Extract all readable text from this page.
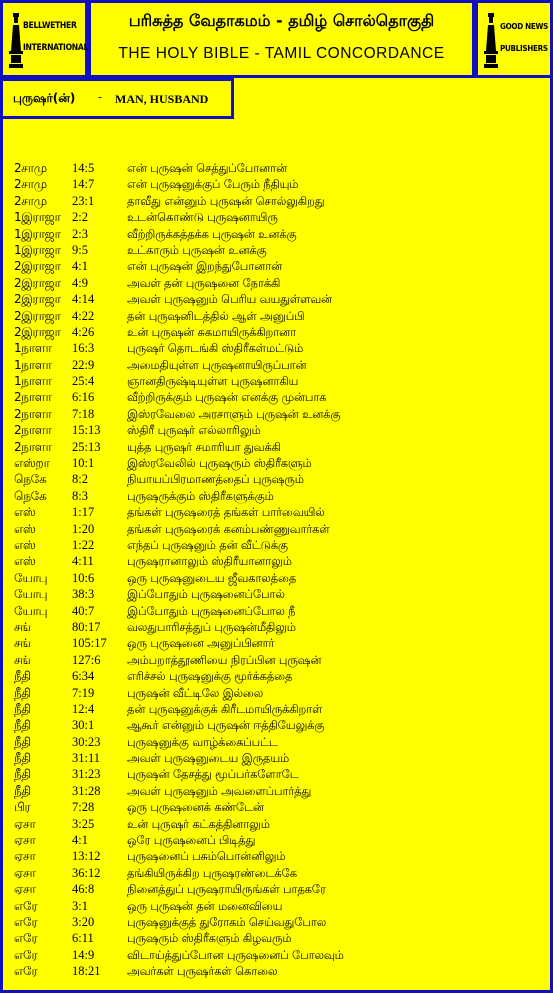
BELLWETHER
INTERNATIONAL
பரிசுத்த வேதாகமம் - தமிழ் சொல்தொகுதி
THE HOLY BIBLE - TAMIL CONCORDANCE
GOOD NEWS
PUBLISHERS
புருஷர்(ன்) - MAN, HUSBAND
2சாமு 14:5	என் புருஷன் செத்துப்போனான்
2சாமு 14:7	என் புருஷனுக்குப் பேரும் நீதியும்
2சாமு 23:1	தாவீது என்னும் புருஷன் சொல்லுகிறது
1இராஜா 2:2	உடன்கொண்டு புருஷனாயிரு
1இராஜா 2:3	வீற்றிருக்கத்தக்க புருஷன் உனக்கு
1இராஜா 9:5	உட்காரும் புருஷன் உனக்கு
2இராஜா 4:1	என் புருஷன் இறந்துபோனான்
2இராஜா 4:9	அவள் தன் புருஷனை நோக்கி
2இராஜா 4:14	அவள் புருஷனும் பெரிய வயதுள்ளவன்
2இராஜா 4:22	தன் புருஷனிடத்தில் ஆள் அனுப்பி
2இராஜா 4:26	உன் புருஷன் சுகமாயிருக்கிறானா
1நாளா 16:3	புருஷர் தொடங்கி ஸ்திரீகள்மட்டும்
1நாளா 22:9	அமைதியுள்ள புருஷனாயிருப்பான்
1நாளா 25:4	ஞானதிருஷ்டியுள்ள புருஷனாகிய
2நாளா 6:16	வீற்றிருக்கும் புருஷன் எனக்கு முன்பாக
2நாளா 7:18	இஸ்ரவேலை அரசாளும் புருஷன் உனக்கு
2நாளா 15:13 ஸ்திரீ புருஷர் எல்லாரிலும்
2நாளா 25:13 யுத்த புருஷர் சமாரியா துவக்கி
எஸ்றா 10:1	இஸ்ரவேலில் புருஷரும் ஸ்திரீகளும்
நெகே 8:2	நியாயப்பிரமாணத்தைப் புருஷரும்
நெகே 8:3	புருஷருக்கும் ஸ்திரீகளுக்கும்
எஸ்	1:17	தங்கள் புருஷரைத் தங்கள் பார்வையில்
எஸ்	1:20	தங்கள் புருஷரைக் கனம்பண்ணுவார்கள்
எஸ்	1:22	எந்தப் புருஷனும் தன் வீட்டுக்கு
எஸ்	4:11	புருஷரானாலும் ஸ்திரீயானாலும்
யோபு 10:6	ஒரு புருஷனுடைய ஜீவகாலத்தை
யோபு 38:3	இப்போதும் புருஷனைப்போல்
யோபு 40:7	இப்போதும் புருஷனைப்போல நீ
சங்	80:17 வலதுபாரிசத்துப் புருஷன்மீதிலும்
சங்	105:17 ஒரு புருஷனை அனுப்பினார்
சங்	127:6 அம்பறாத்தூணியை நிரப்பின புருஷன்
நீதி	6:34	எரிச்சல் புருஷனுக்கு மூர்க்கத்தை
நீதி	7:19	புருஷன் வீட்டிலே இல்லை
நீதி	12:4	தன் புருஷனுக்குக் கிரீடமாயிருக்கிறாள்
நீதி	30:1	ஆகூர் என்னும் புருஷன் ஈத்தியேலுக்கு
நீதி	30:23 புருஷனுக்கு வாழ்க்கைப்பட்ட
நீதி	31:11 அவள் புருஷனுடைய இருதயம்
நீதி	31:23 புருஷன் தேசத்து மூப்பர்களோடே
நீதி	31:28 அவள் புருஷனும் அவளைப்பார்த்து
பிர	7:28	ஒரு புருஷனைக் கண்டேன்
ஏசா	3:25	உன் புருஷர் கட்கத்தினாலும்
ஏசா	4:1	ஒரே புருஷனைப் பிடித்து
ஏசா	13:12 புருஷனைப் பசும்பொன்னிலும்
ஏசா	36:12 தங்கியிருக்கிற புருஷரண்டைக்கே
ஏசா	46:8	நினைத்துப் புருஷராயிருங்கள் பாதகரே
எரே	3:1	ஒரு புருஷன் தன் மனைவியை
எரே	3:20	புருஷனுக்குத் துரோகம் செய்வதுபோல
எரே	6:11	புருஷரும் ஸ்திரீகளும் கிழவரும்
எரே	14:9	விடாய்த்துப்போன புருஷனைப் போலவும்
எரே	18:21 அவர்கள் புருஷர்கள் கொலை
